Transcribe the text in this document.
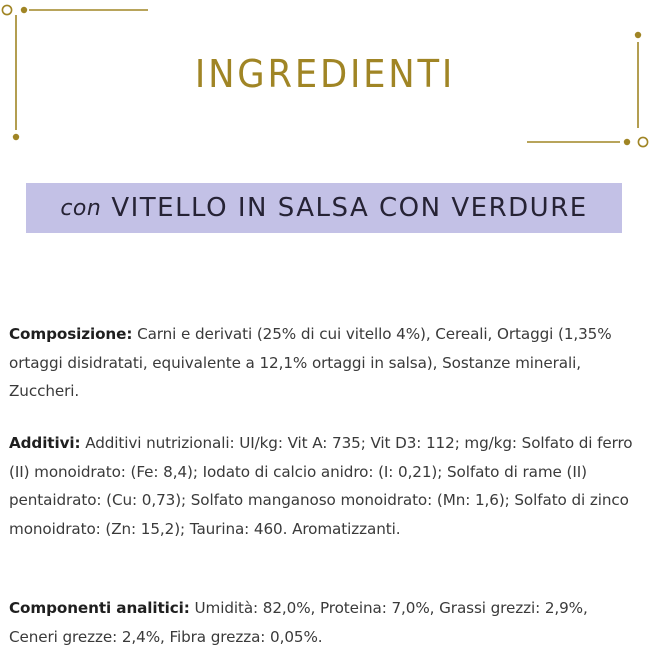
INGREDIENTI
con VITELLO IN SALSA CON VERDURE
Composizione: Carni e derivati (25% di cui vitello 4%), Cereali, Ortaggi (1,35% ortaggi disidratati, equivalente a 12,1% ortaggi in salsa), Sostanze minerali, Zuccheri.
Additivi: Additivi nutrizionali: UI/kg: Vit A: 735; Vit D3: 112; mg/kg: Solfato di ferro (II) monoidrato: (Fe: 8,4); Iodato di calcio anidro: (I: 0,21); Solfato di rame (II) pentaidrato: (Cu: 0,73); Solfato manganoso monoidrato: (Mn: 1,6); Solfato di zinco monoidrato: (Zn: 15,2); Taurina: 460. Aromatizzanti.
Componenti analitici: Umidità: 82,0%, Proteina: 7,0%, Grassi grezzi: 2,9%, Ceneri grezze: 2,4%, Fibra grezza: 0,05%.
